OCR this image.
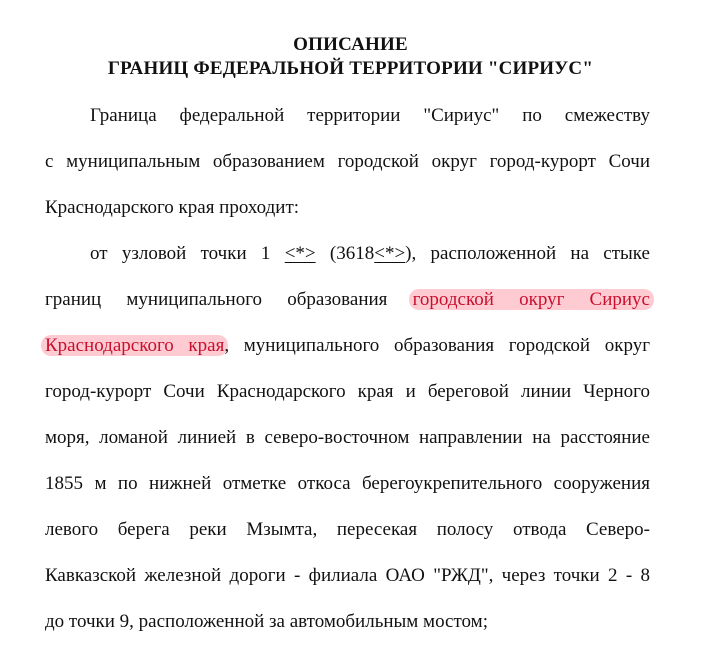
ОПИСАНИЕ
ГРАНИЦ ФЕДЕРАЛЬНОЙ ТЕРРИТОРИИ "СИРИУС"
Граница федеральной территории "Сириус" по смежеству
с муниципальным образованием городской округ город-курорт Сочи
Краснодарского края проходит:
от узловой точки 1 <*> (3618<*>), расположенной на стыке
границ муниципального образования городской округ Сириус
Краснодарского края, муниципального образования городской округ
город-курорт Сочи Краснодарского края и береговой линии Черного
моря, ломаной линией в северо-восточном направлении на расстояние
1855 м по нижней отметке откоса берегоукрепительного сооружения
левого берега реки Мзымта, пересекая полосу отвода Северо-
Кавказской железной дороги - филиала ОАО "РЖД", через точки 2 - 8
до точки 9, расположенной за автомобильным мостом;
